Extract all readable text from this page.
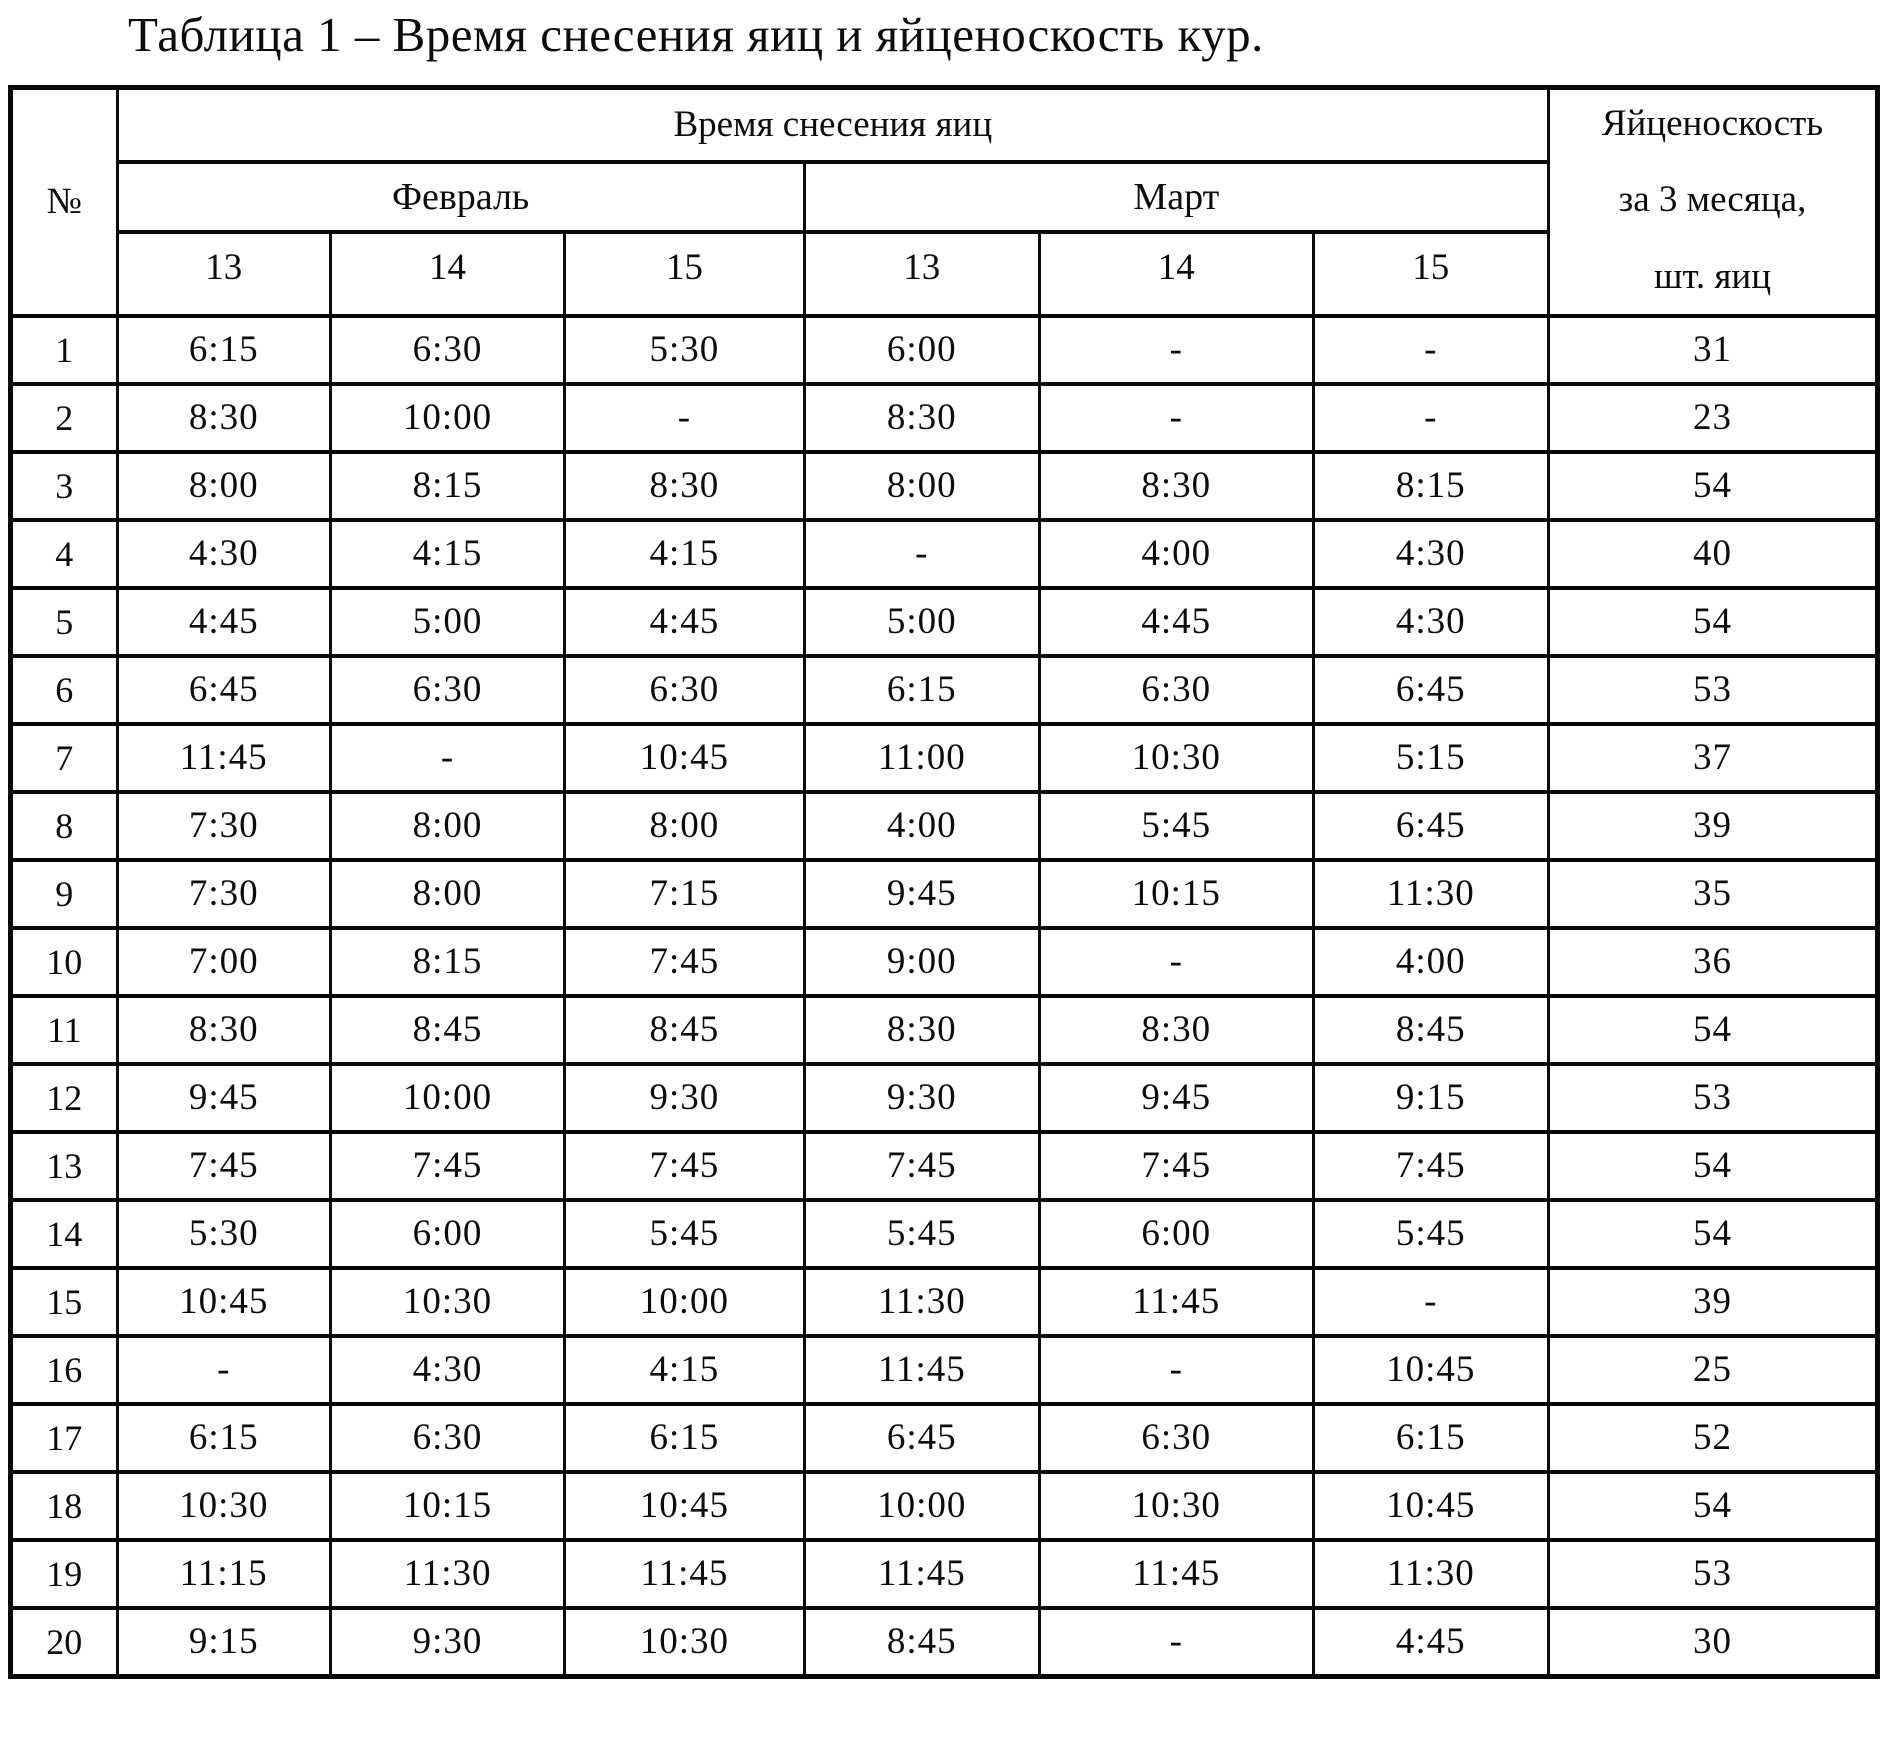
Таблица 1 – Время снесения яиц и яйценоскость кур.
№	Время снесения яиц						Яйценоскость
за 3 месяца,
шт. яиц

	Февраль			Март			
	13	14	15	13	14	15	
1	6:15	6:30	5:30	6:00	-	-	31
2	8:30	10:00	-	8:30	-	-	23
3	8:00	8:15	8:30	8:00	8:30	8:15	54
4	4:30	4:15	4:15	-	4:00	4:30	40
5	4:45	5:00	4:45	5:00	4:45	4:30	54
6	6:45	6:30	6:30	6:15	6:30	6:45	53
7	11:45	-	10:45	11:00	10:30	5:15	37
8	7:30	8:00	8:00	4:00	5:45	6:45	39
9	7:30	8:00	7:15	9:45	10:15	11:30	35
10	7:00	8:15	7:45	9:00	-	4:00	36
11	8:30	8:45	8:45	8:30	8:30	8:45	54
12	9:45	10:00	9:30	9:30	9:45	9:15	53
13	7:45	7:45	7:45	7:45	7:45	7:45	54
14	5:30	6:00	5:45	5:45	6:00	5:45	54
15	10:45	10:30	10:00	11:30	11:45	-	39
16	-	4:30	4:15	11:45	-	10:45	25
17	6:15	6:30	6:15	6:45	6:30	6:15	52
18	10:30	10:15	10:45	10:00	10:30	10:45	54
19	11:15	11:30	11:45	11:45	11:45	11:30	53
20	9:15	9:30	10:30	8:45	-	4:45	30
